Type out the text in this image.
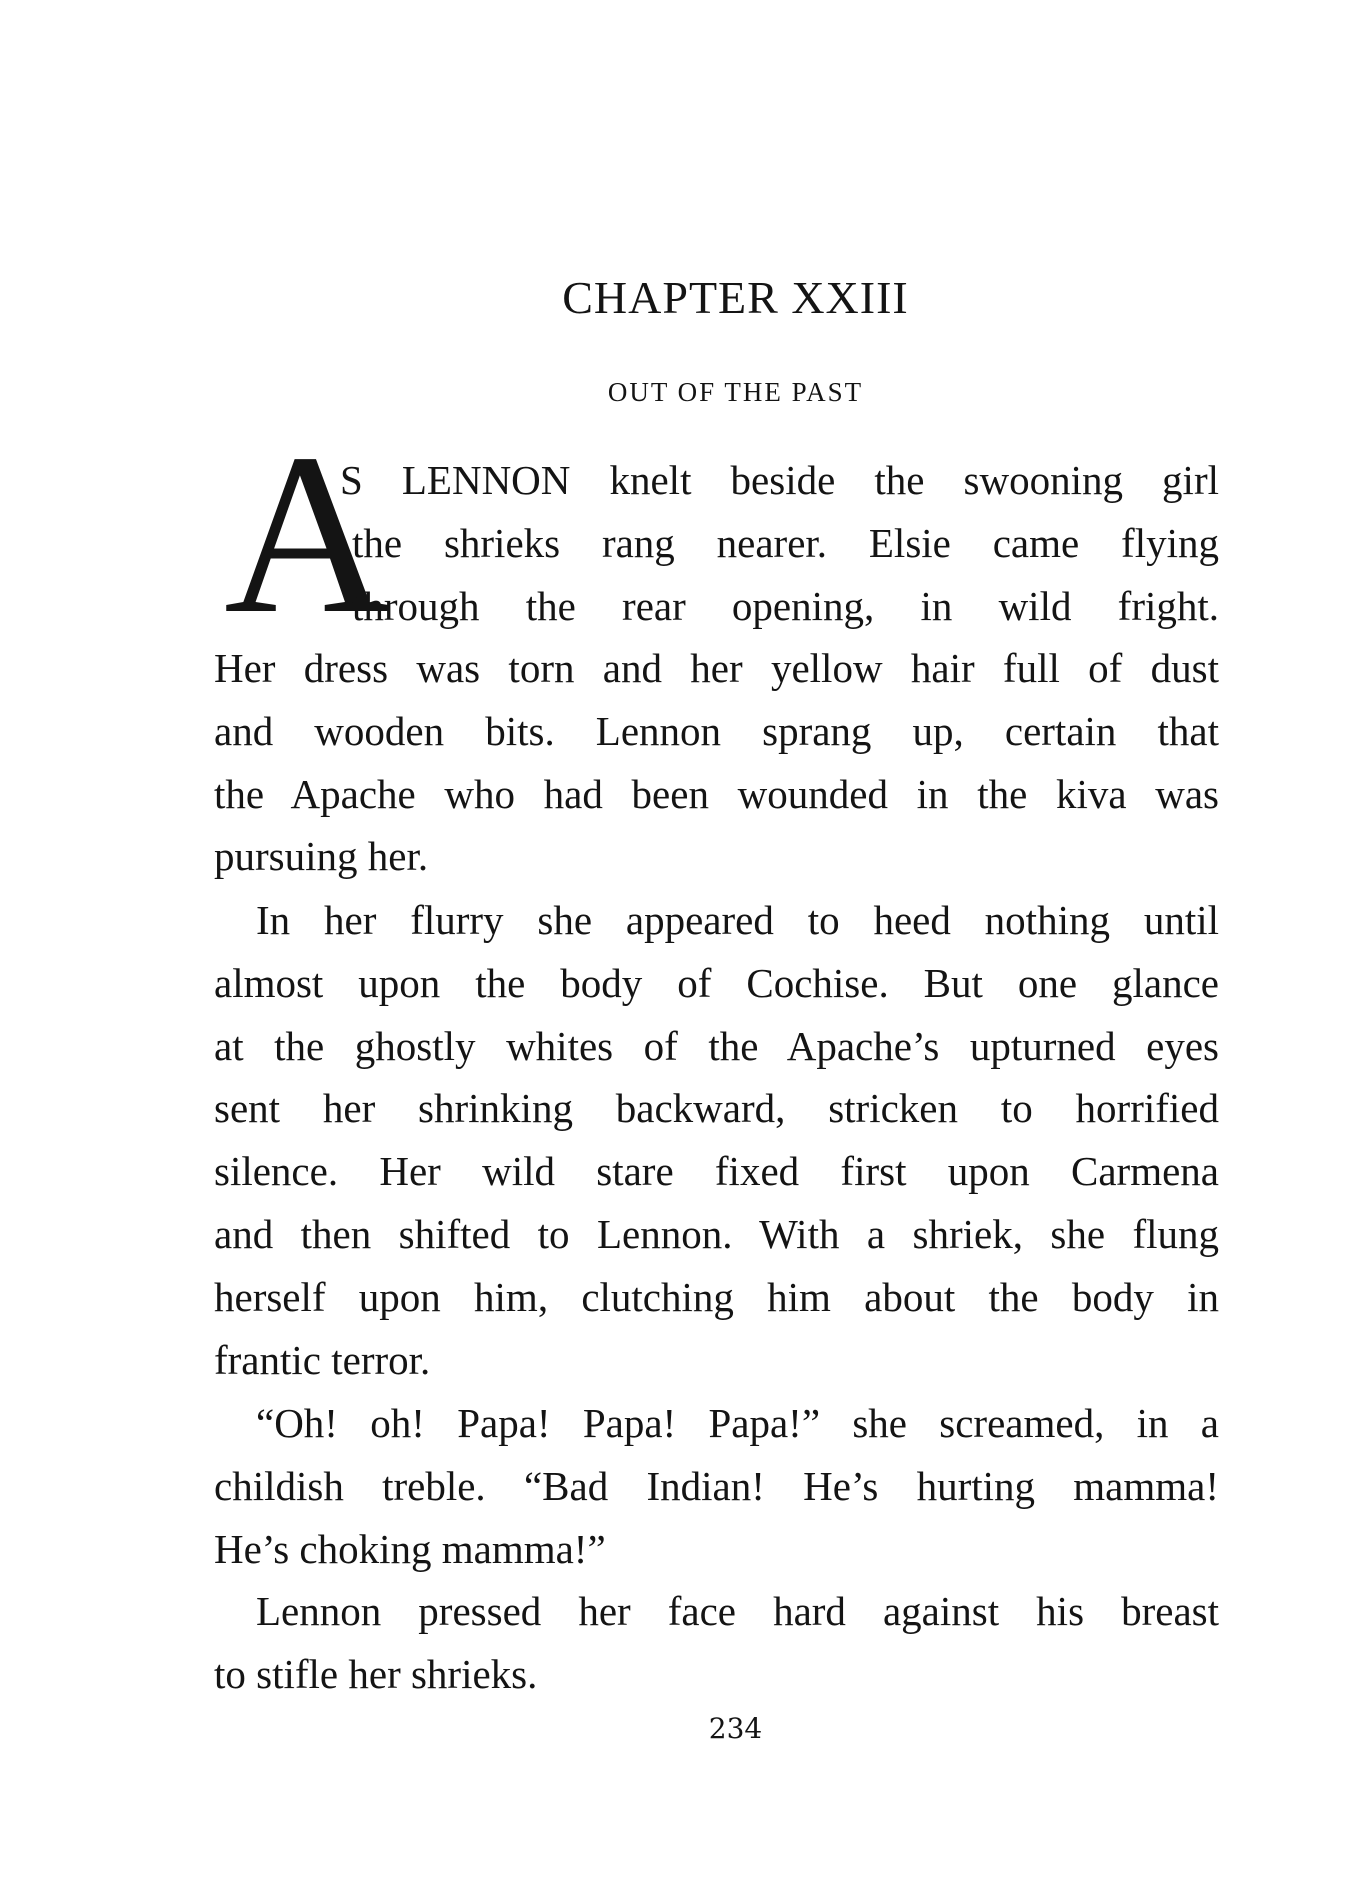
CHAPTER XXIII
OUT OF THE PAST
A
S LENNON knelt beside the swooning girl
the shrieks rang nearer. Elsie came flying
through the rear opening, in wild fright.
Her dress was torn and her yellow hair full of dust
and wooden bits. Lennon sprang up, certain that
the Apache who had been wounded in the kiva was
pursuing her.
In her flurry she appeared to heed nothing until
almost upon the body of Cochise. But one glance
at the ghostly whites of the Apache’s upturned eyes
sent her shrinking backward, stricken to horrified
silence. Her wild stare fixed first upon Carmena
and then shifted to Lennon. With a shriek, she flung
herself upon him, clutching him about the body in
frantic terror.
“Oh! oh! Papa! Papa! Papa!” she screamed, in a
childish treble. “Bad Indian! He’s hurting mamma!
He’s choking mamma!”
Lennon pressed her face hard against his breast
to stifle her shrieks.
234
